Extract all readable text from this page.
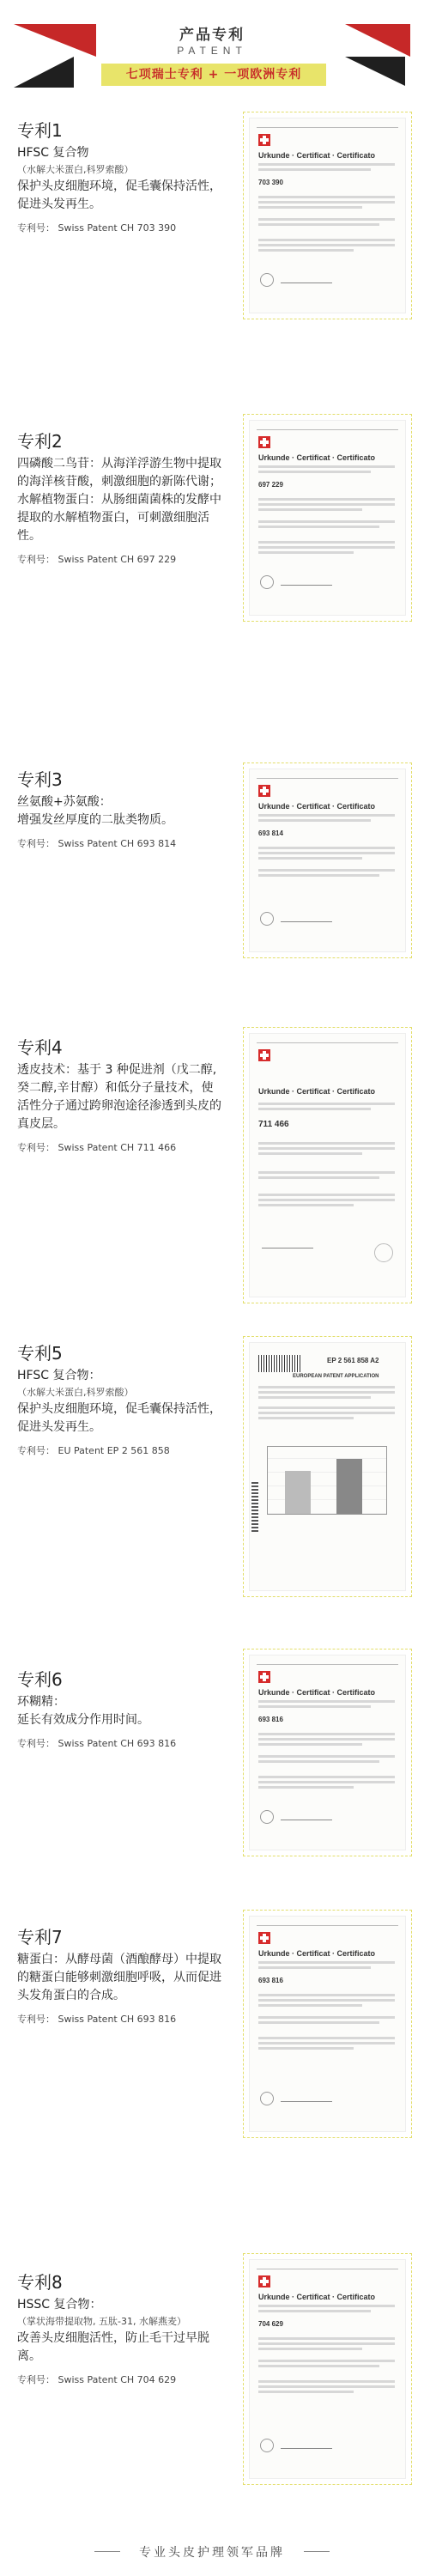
产品专利
PATENT
七项瑞士专利 + 一项欧洲专利
专利1
HFSC 复合物
（水解大米蛋白,科罗索酸）
保护头皮细胞环境，促毛囊保持活性，促进头发再生。
专利号： Swiss Patent CH 703 390
Urkunde · Certificat · Certificato
703 390
专利2
四磷酸二鸟苷：从海洋浮游生物中提取的海洋核苷酸，刺激细胞的新陈代谢；水解植物蛋白：从肠细菌菌株的发酵中提取的水解植物蛋白，可刺激细胞活性。
专利号： Swiss Patent CH 697 229
Urkunde · Certificat · Certificato
697 229
专利3
丝氨酸+苏氨酸：
增强发丝厚度的二肽类物质。
专利号： Swiss Patent CH 693 814
Urkunde · Certificat · Certificato
693 814
专利4
透皮技术：基于 3 种促进剂（戊二醇,癸二醇,辛甘醇）和低分子量技术，使活性分子通过跨卵泡途径渗透到头皮的真皮层。
专利号： Swiss Patent CH 711 466
Urkunde · Certificat · Certificato
711 466
专利5
HFSC 复合物：
（水解大米蛋白,科罗索酸）
保护头皮细胞环境，促毛囊保持活性，促进头发再生。
专利号： EU Patent EP 2 561 858
EP 2 561 858 A2
EUROPEAN PATENT APPLICATION
专利6
环糊精：
延长有效成分作用时间。
专利号： Swiss Patent CH 693 816
Urkunde · Certificat · Certificato
693 816
专利7
糖蛋白：从酵母菌（酒酿酵母）中提取的糖蛋白能够刺激细胞呼吸，从而促进头发角蛋白的合成。
专利号： Swiss Patent CH 693 816
Urkunde · Certificat · Certificato
693 816
专利8
HSSC 复合物：
（掌状海带提取物, 五肽-31, 水解燕麦）
改善头皮细胞活性，防止毛干过早脱离。
专利号： Swiss Patent CH 704 629
Urkunde · Certificat · Certificato
704 629
专业头皮护理领军品牌
